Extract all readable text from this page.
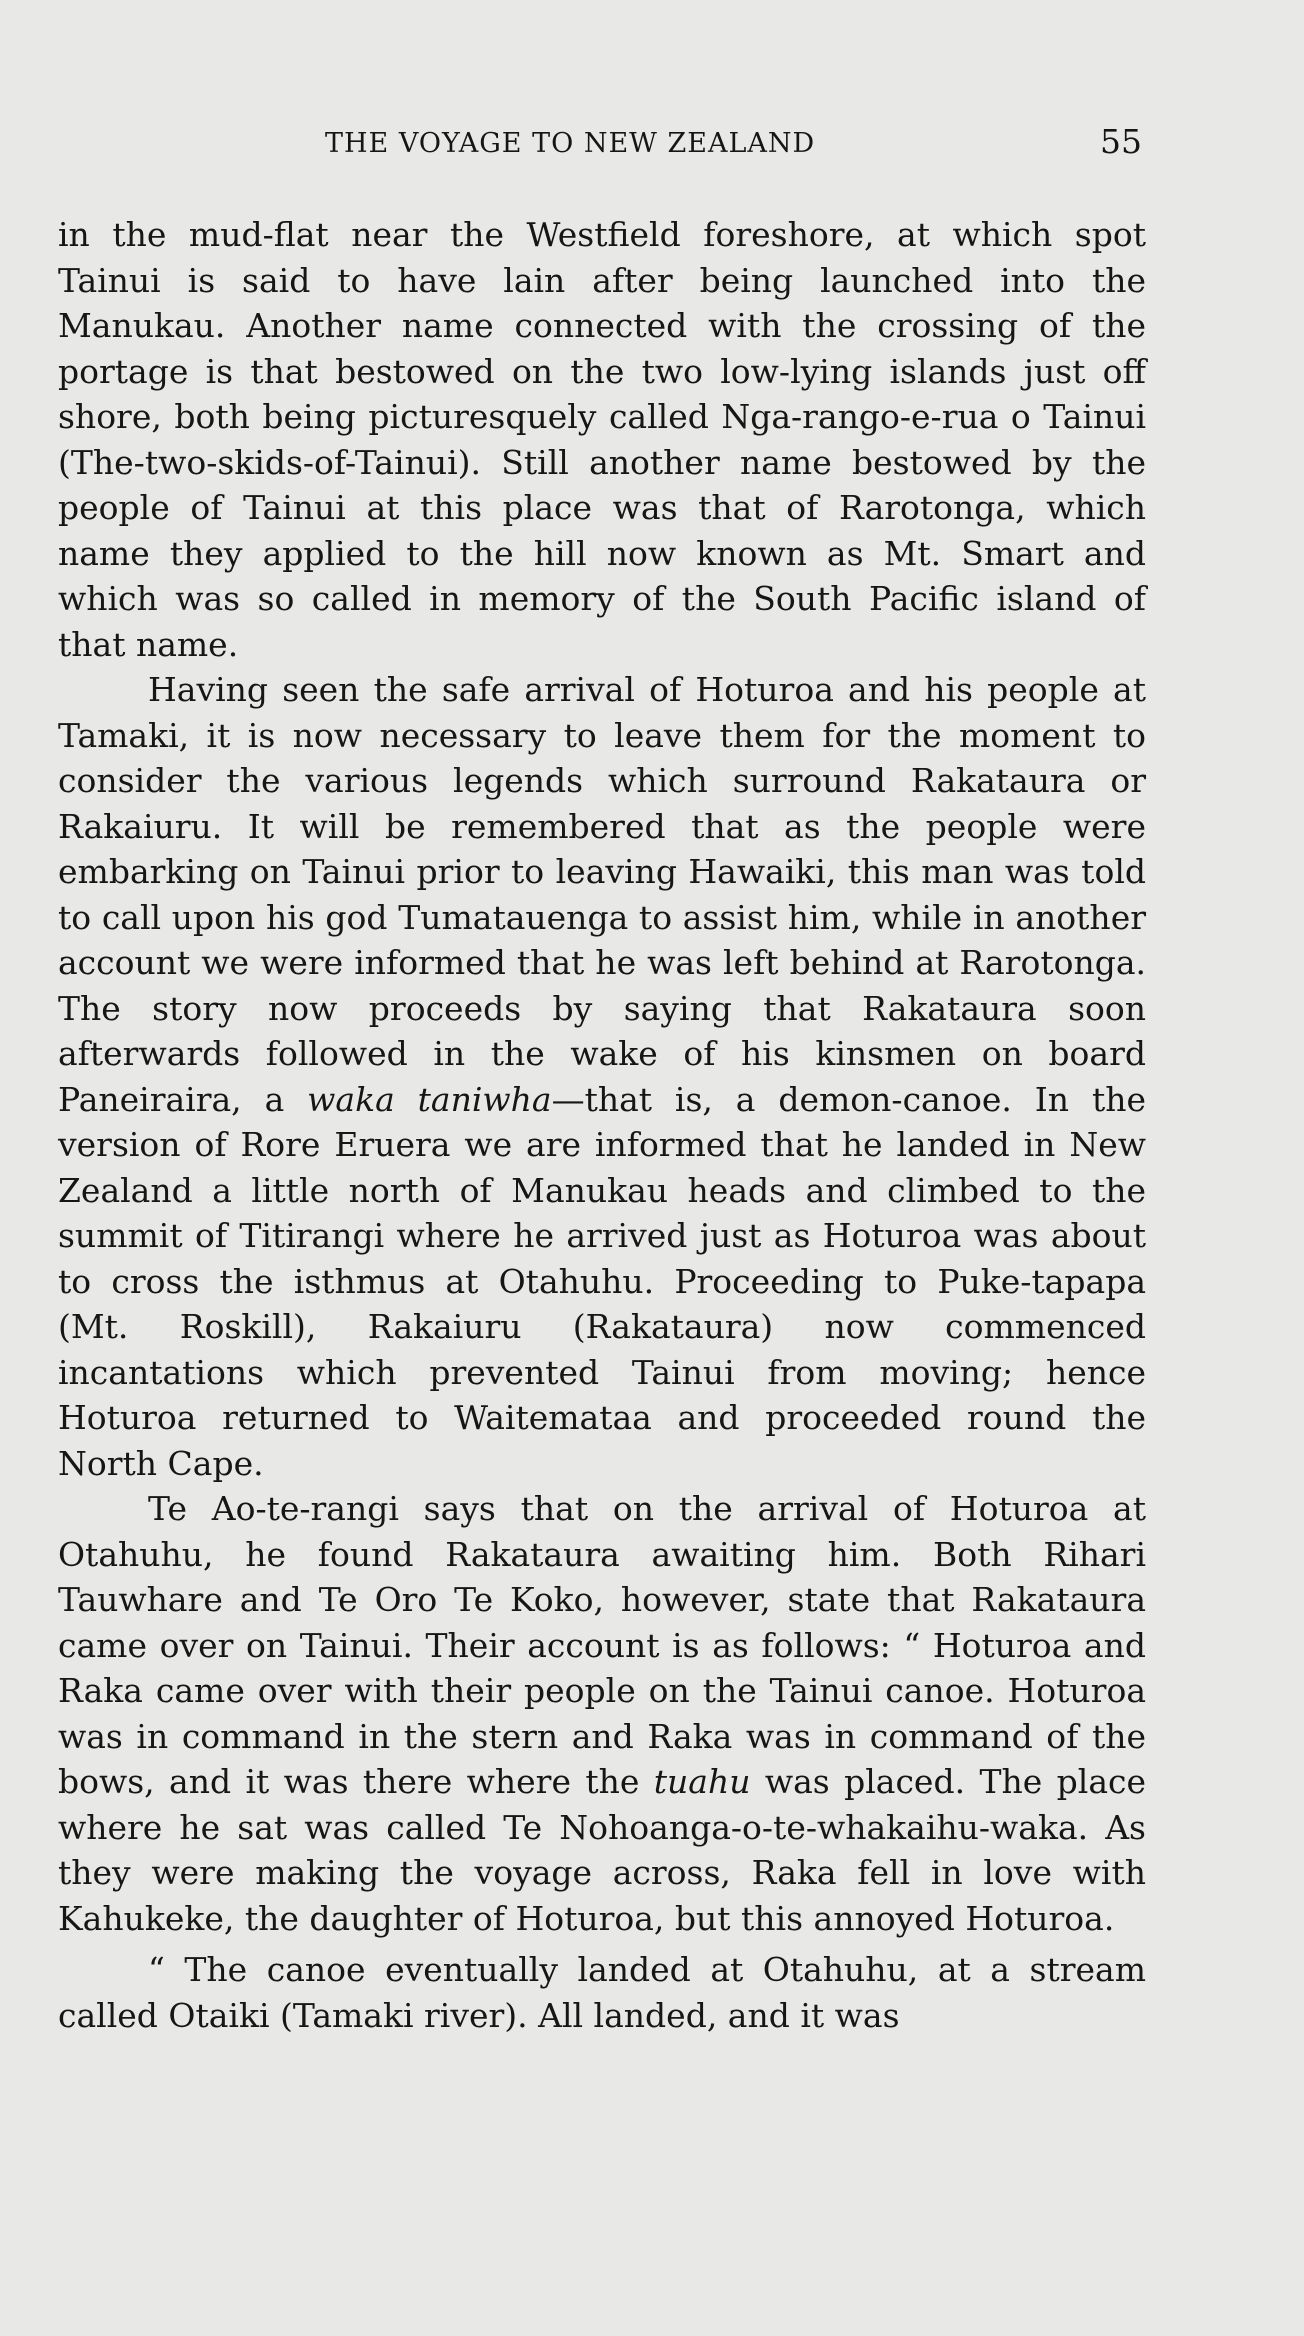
THE VOYAGE TO NEW ZEALAND	55

in the mud-flat near the Westfield foreshore, at which spot Tainui is said to have lain after being launched into the Manukau. Another name connected with the crossing of the portage is that bestowed on the two low-lying islands just off shore, both being picturesquely called Nga-rango-e-rua o Tainui (The-two-skids-of-Tainui). Still another name bestowed by the people of Tainui at this place was that of Rarotonga, which name they applied to the hill now known as Mt. Smart and which was so called in memory of the South Pacific island of that name.

Having seen the safe arrival of Hoturoa and his people at Tamaki, it is now necessary to leave them for the moment to consider the various legends which surround Rakataura or Rakaiuru. It will be remembered that as the people were embarking on Tainui prior to leaving Hawaiki, this man was told to call upon his god Tumatauenga to assist him, while in another account we were informed that he was left behind at Rarotonga. The story now proceeds by saying that Rakataura soon afterwards followed in the wake of his kinsmen on board Paneiraira, a waka taniwha—that is, a demon-canoe. In the version of Rore Eruera we are informed that he landed in New Zealand a little north of Manukau heads and climbed to the summit of Titirangi where he arrived just as Hoturoa was about to cross the isthmus at Otahuhu. Proceeding to Puke-tapapa (Mt. Roskill), Rakaiuru (Rakataura) now commenced incantations which prevented Tainui from moving; hence Hoturoa returned to Waitemataa and proceeded round the North Cape.

Te Ao-te-rangi says that on the arrival of Hoturoa at Otahuhu, he found Rakataura awaiting him. Both Rihari Tauwhare and Te Oro Te Koko, however, state that Rakataura came over on Tainui. Their account is as follows: “ Hoturoa and Raka came over with their people on the Tainui canoe. Hoturoa was in command in the stern and Raka was in command of the bows, and it was there where the tuahu was placed. The place where he sat was called Te Nohoanga-o-te-whakaihu-waka. As they were making the voyage across, Raka fell in love with Kahukeke, the daughter of Hoturoa, but this annoyed Hoturoa.

“ The canoe eventually landed at Otahuhu, at a stream called Otaiki (Tamaki river). All landed, and it was
